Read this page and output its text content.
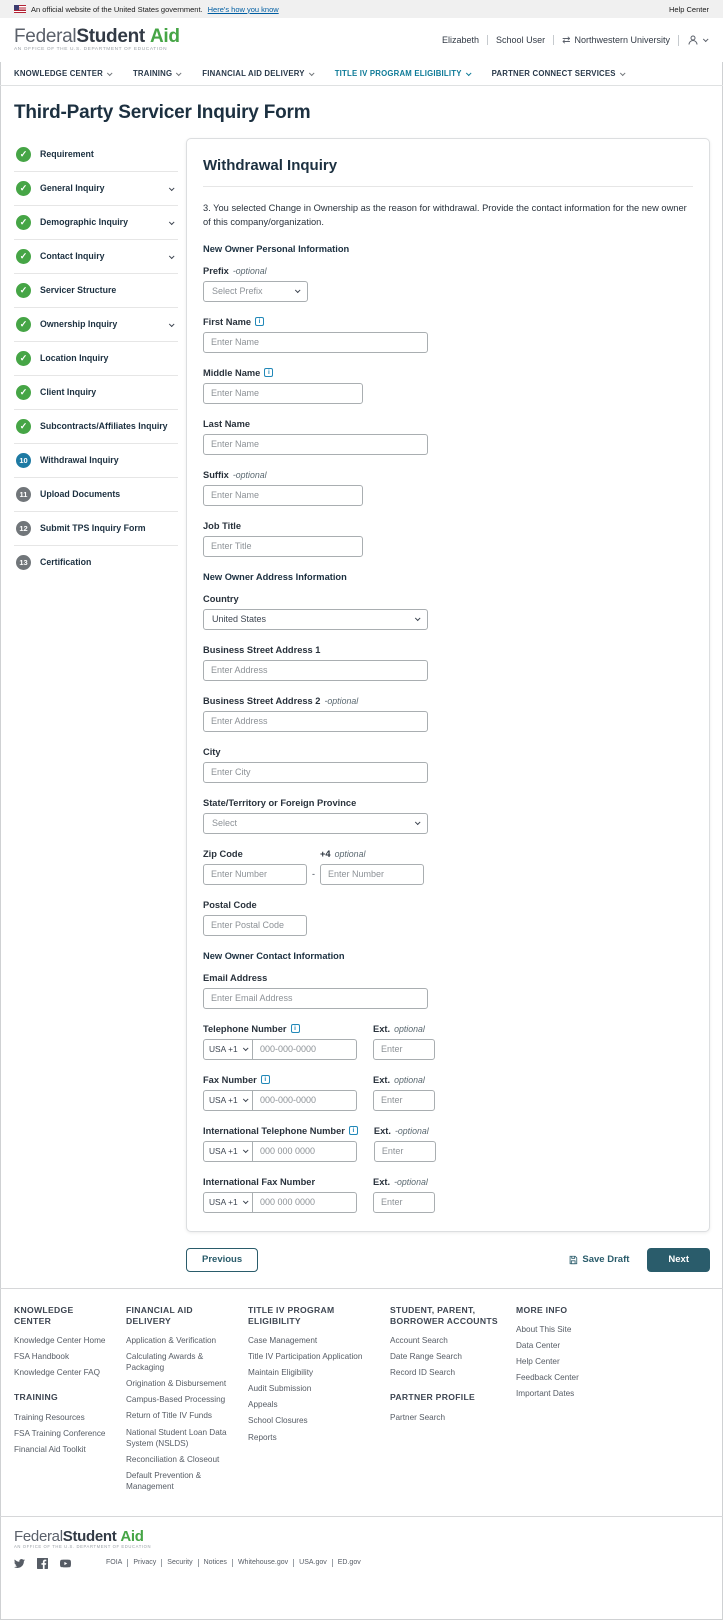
An official website of the United States government. Here's how you know	Help Center
FederalStudent Aid
AN OFFICE OF THE U.S. DEPARTMENT OF EDUCATION
Elizabeth	School User	⇄ Northwestern University
KNOWLEDGE CENTER	TRAINING	FINANCIAL AID DELIVERY	TITLE IV PROGRAM ELIGIBILITY	PARTNER CONNECT SERVICES
Third-Party Servicer Inquiry Form
✓	Requirement
✓	General Inquiry
✓	Demographic Inquiry
✓	Contact Inquiry
✓	Servicer Structure
✓	Ownership Inquiry
✓	Location Inquiry
✓	Client Inquiry
✓	Subcontracts/Affiliates Inquiry
10	Withdrawal Inquiry
11	Upload Documents
12	Submit TPS Inquiry Form
13	Certification
Withdrawal Inquiry
3. You selected Change in Ownership as the reason for withdrawal. Provide the contact information for the new owner of this company/organization.
New Owner Personal Information
Prefix -optional
Select Prefix
First Name	i
Enter Name
Middle Name	i
Enter Name
Last Name
Enter Name
Suffix -optional
Enter Name
Job Title
Enter Title
New Owner Address Information
Country
United States
Business Street Address 1
Enter Address
Business Street Address 2 -optional
Enter Address
City
Enter City
State/Territory or Foreign Province
Select
Zip Code
Enter Number
-
+4 optional
Enter Number
Postal Code
Enter Postal Code
New Owner Contact Information
Email Address
Enter Email Address
Telephone Number	i
USA +1
000-000-0000
Ext. optional
Enter
Fax Number	i
USA +1
000-000-0000
Ext. optional
Enter
International Telephone Number	i
USA +1
000 000 0000
Ext. -optional
Enter
International Fax Number
USA +1
000 000 0000
Ext. -optional
Enter
Previous	Save Draft	Next
KNOWLEDGE CENTER
Knowledge Center Home
FSA Handbook
Knowledge Center FAQ
TRAINING
Training Resources
FSA Training Conference
Financial Aid Toolkit
FINANCIAL AID DELIVERY
Application & Verification
Calculating Awards & Packaging
Origination & Disbursement
Campus-Based Processing
Return of Title IV Funds
National Student Loan Data System (NSLDS)
Reconciliation & Closeout
Default Prevention & Management
TITLE IV PROGRAM ELIGIBILITY
Case Management
Title IV Participation Application
Maintain Eligibility
Audit Submission
Appeals
School Closures
Reports
STUDENT, PARENT, BORROWER ACCOUNTS
Account Search
Date Range Search
Record ID Search
PARTNER PROFILE
Partner Search
MORE INFO
About This Site
Data Center
Help Center
Feedback Center
Important Dates
FederalStudent Aid
AN OFFICE OF THE U.S. DEPARTMENT OF EDUCATION
FOIA	Privacy	Security	Notices	Whitehouse.gov	USA.gov	ED.gov
